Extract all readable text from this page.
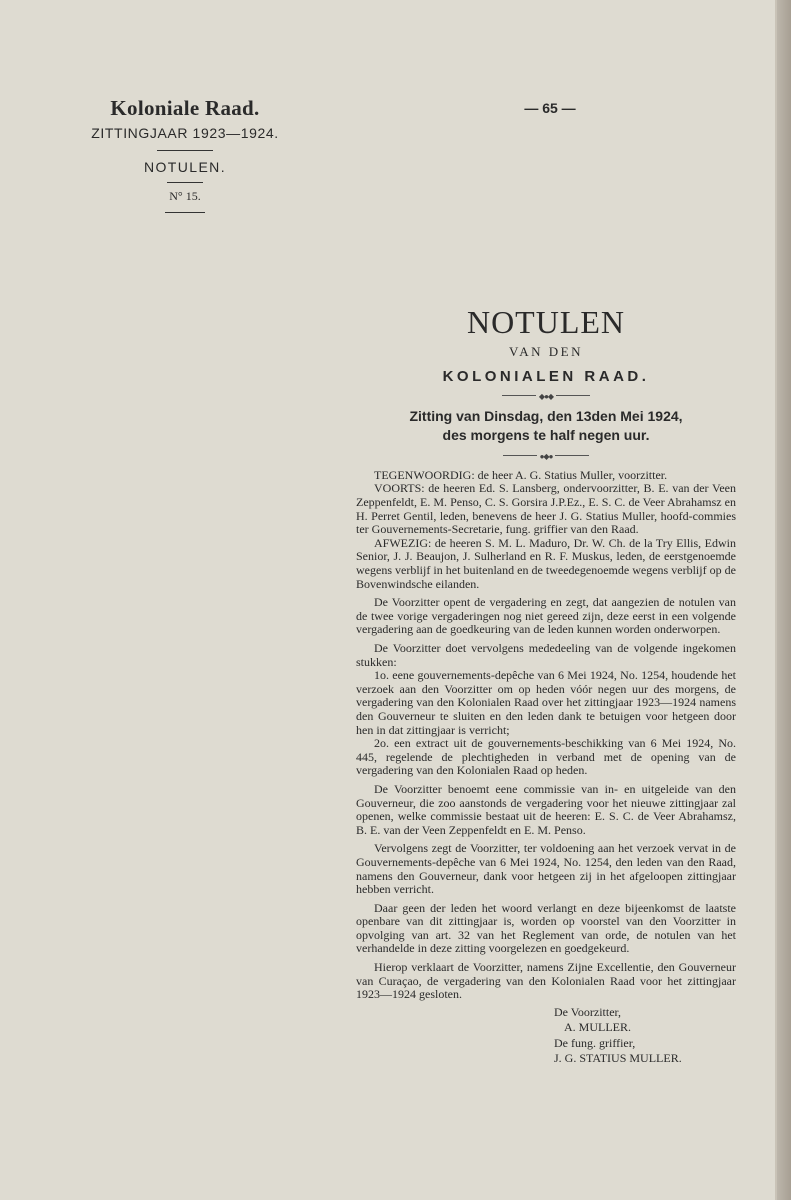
Koloniale Raad.
ZITTINGJAAR 1923—1924.
NOTULEN.
N° 15.
— 65 —
NOTULEN
VAN DEN
KOLONIALEN RAAD.
◆●◆
Zitting van Dinsdag, den 13den Mei 1924,
des morgens te half negen uur.
●◆●

TEGENWOORDIG: de heer A. G. Statius Muller, voorzitter.

VOORTS: de heeren Ed. S. Lansberg, ondervoorzitter, B. E. van der Veen Zeppenfeldt, E. M. Penso, C. S. Gorsira J.P.Ez., E. S. C. de Veer Abrahamsz en H. Perret Gentil, leden, benevens de heer J. G. Statius Muller, hoofd-commies ter Gouvernements-Secretarie, fung. griffier van den Raad.

AFWEZIG: de heeren S. M. L. Maduro, Dr. W. Ch. de la Try Ellis, Edwin Senior, J. J. Beaujon, J. Sulherland en R. F. Muskus, leden, de eerstgenoemde wegens verblijf in het buitenland en de tweedegenoemde wegens verblijf op de Bovenwindsche eilanden.

De Voorzitter opent de vergadering en zegt, dat aangezien de notulen van de twee vorige vergaderingen nog niet gereed zijn, deze eerst in een volgende vergadering aan de goedkeuring van de leden kunnen worden onderworpen.

De Voorzitter doet vervolgens mededeeling van de volgende ingekomen stukken:

1o. eene gouvernements-depêche van 6 Mei 1924, No. 1254, houdende het verzoek aan den Voorzitter om op heden vóór negen uur des morgens, de vergadering van den Kolonialen Raad over het zittingjaar 1923—1924 namens den Gouverneur te sluiten en den leden dank te betuigen voor hetgeen door hen in dat zittingjaar is verricht;

2o. een extract uit de gouvernements-beschikking van 6 Mei 1924, No. 445, regelende de plechtigheden in verband met de opening van de vergadering van den Kolonialen Raad op heden.

De Voorzitter benoemt eene commissie van in- en uitgeleide van den Gouverneur, die zoo aanstonds de vergadering voor het nieuwe zittingjaar zal openen, welke commissie bestaat uit de heeren: E. S. C. de Veer Abrahamsz, B. E. van der Veen Zeppenfeldt en E. M. Penso.

Vervolgens zegt de Voorzitter, ter voldoening aan het verzoek vervat in de Gouvernements-depêche van 6 Mei 1924, No. 1254, den leden van den Raad, namens den Gouverneur, dank voor hetgeen zij in het afgeloopen zittingjaar hebben verricht.

Daar geen der leden het woord verlangt en deze bijeenkomst de laatste openbare van dit zittingjaar is, worden op voorstel van den Voorzitter in opvolging van art. 32 van het Reglement van orde, de notulen van het verhandelde in deze zitting voorgelezen en goedgekeurd.

Hierop verklaart de Voorzitter, namens Zijne Excellentie, den Gouverneur van Curaçao, de vergadering van den Kolonialen Raad voor het zittingjaar 1923—1924 gesloten.

De Voorzitter,
A. MULLER.
De fung. griffier,
J. G. STATIUS MULLER.
